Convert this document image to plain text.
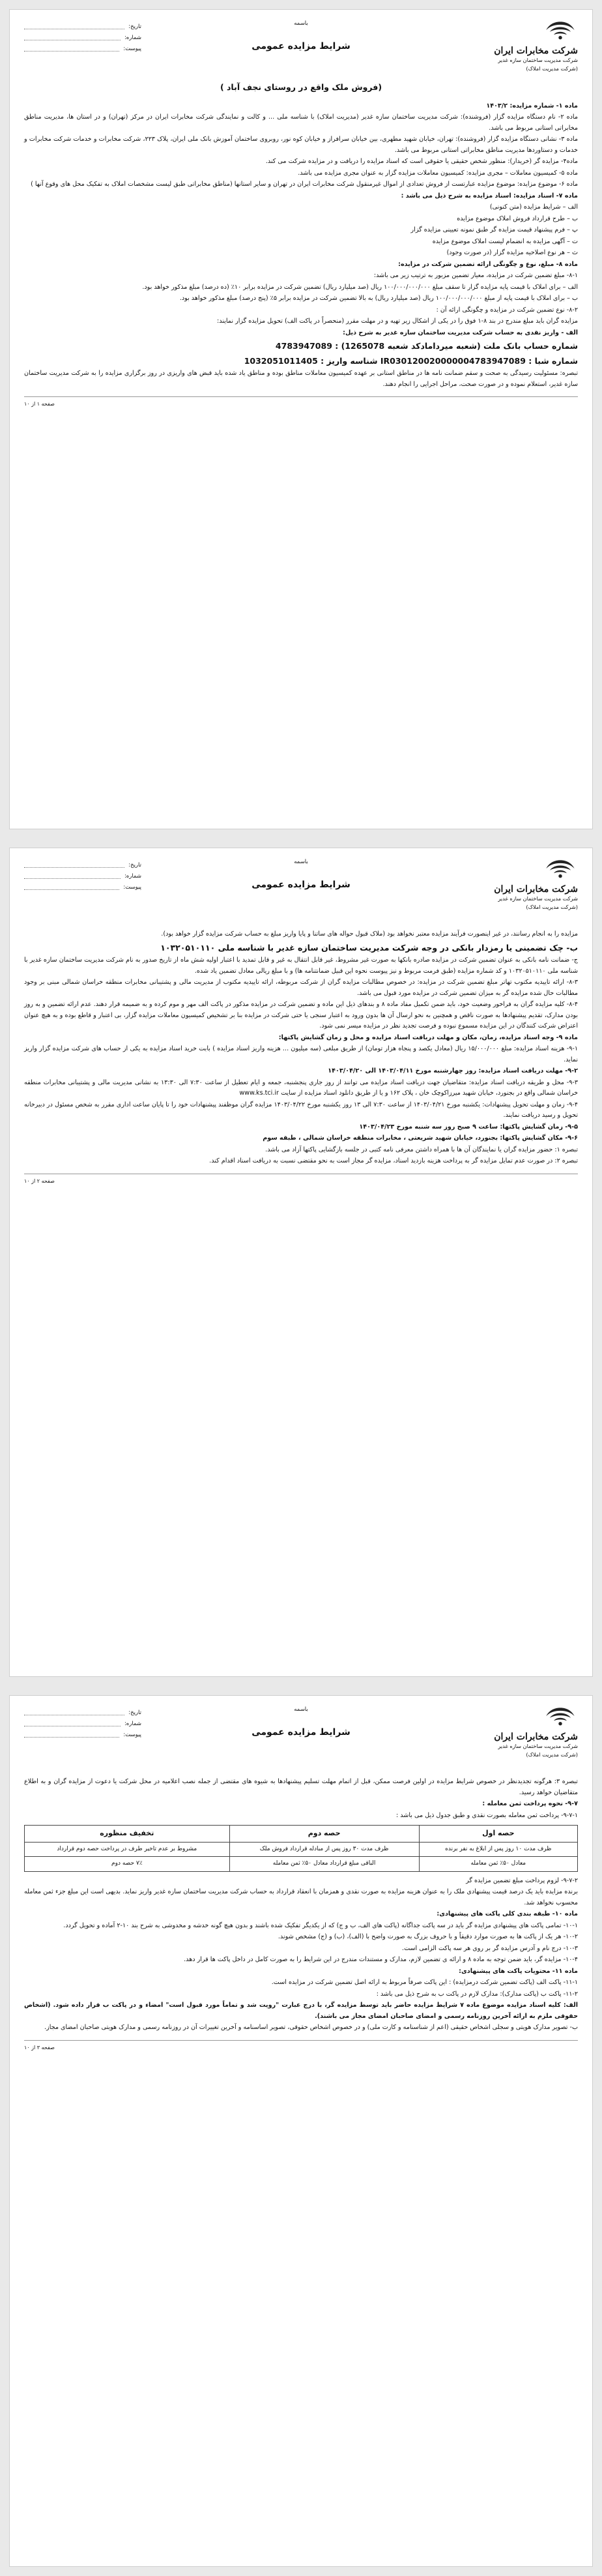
شرکت مخابرات ایران
شرکت مدیریت ساختمان سازه غدیر
(شرکت مدیریت املاک)
باسمه
شرایط مزایده عمومی
تاریخ:
شماره:
پیوست:
(فروش ملک واقع در روستای نجف آباد )

ماده ۱- شماره مزایده: ۱۴۰۳/۲

ماده ۲- نام دستگاه مزایده گزار (فروشنده): شرکت مدیریت ساختمان سازه غدیر (مدیریت املاک) با شناسه ملی ... و کالت و نمایندگی شرکت مخابرات ایران در مرکز (تهران) و در استان ها، مدیریت مناطق مخابراتی استانی مربوط می باشد.

ماده ۳- نشانی دستگاه مزایده گزار (فروشنده): تهران، خیابان شهید مطهری، بین خیابان سرافراز و خیابان کوه نور، روبروی ساختمان آموزش بانک ملی ایران، پلاک ۲۲۳، شرکت مخابرات و خدمات شرکت مخابرات و خدمات و دستاوردها مدیریت مناطق مخابراتی استانی مربوط می باشد.

ماده۴- مزایده گر (خریدار): منظور شخص حقیقی یا حقوقی است که اسناد مزایده را دریافت و در مزایده شرکت می کند.

ماده ۵- کمیسیون معاملات – مجری مزایده: کمیسیون معاملات مزایده گزار به عنوان مجری مزایده می باشد.

ماده ۶- موضوع مزایده: موضوع مزایده عبارتست از فروش تعدادی از اموال غیرمنقول شرکت مخابرات ایران در تهران و سایر استانها (مناطق مخابراتی طبق لیست مشخصات املاک به تفکیک محل های وقوع آنها )

ماده ۷- اسناد مزایده: اسناد مزایده به شرح ذیل می باشد :

الف – شرایط مزایده (متن کنونی)

ب – طرح قرارداد فروش املاک موضوع مزایده

پ – فرم پیشنهاد قیمت مزایده گر طبق نمونه تعیینی مزایده گزار

ت – آگهی مزایده به انضمام لیست املاک موضوع مزایده

ث – هر نوع اصلاحیه مزایده گزار (در صورت وجود)

ماده ۸- مبلغ، نوع و چگونگی ارائه تضمین شرکت در مزایده:

۸-۱- مبلغ تضمین شرکت در مزایده، معیار تضمین مزبور به ترتیب زیر می باشد:

الف – برای املاک با قیمت پایه مزایده گزار تا سقف مبلغ ۱۰۰/۰۰۰/۰۰۰/۰۰۰ ریال (صد میلیارد ریال) تضمین شرکت در مزایده برابر ۱۰٪ (ده درصد) مبلغ مذکور خواهد بود.

ب – برای املاک با قیمت پایه از مبلغ ۱۰۰/۰۰۰/۰۰۰/۰۰۰ ریال (صد میلیارد ریال) به بالا تضمین شرکت در مزایده برابر ۵٪ (پنج درصد) مبلغ مذکور خواهد بود.

۸-۲- نوع تضمین شرکت در مزایده و چگونگی ارائه آن :

مزایده گران باید مبلغ مندرج در بند ۸-۱ فوق را در یکی از اشکال زیر تهیه و در مهلت مقرر (منحصراً در پاکت الف) تحویل مزایده گزار نمایند:

الف - واریز نقدی به حساب شرکت مدیریت ساختمان سازه غدیر به شرح ذیل:

شماره حساب بانک ملت (شعبه میردامادکد شعبه 1265078) : 4783947089

شماره شبا : IR030120020000004783947089 شناسه واریز : 1032051011405

تبصره: مسئولیت رسیدگی به صحت و سقم ضمانت نامه ها در مناطق استانی بر عهده کمیسیون معاملات مناطق بوده و مناطق یاد شده باید قبض های واریزی در روز برگزاری مزایده را به شرکت مدیریت ساختمان سازه غدیر، استعلام نموده و در صورت صحت، مراحل اجرایی را انجام دهند.

صفحه ۱ از ۱۰
شرکت مخابرات ایران
شرکت مدیریت ساختمان سازه غدیر
(شرکت مدیریت املاک)
باسمه
شرایط مزایده عمومی
تاریخ:
شماره:
پیوست:

مزایده را به انجام رسانند، در غیر اینصورت فرآیند مزایده معتبر نخواهد بود (ملاک قبول حواله های ساتنا و پایا واریز مبلغ به حساب شرکت مزایده گزار خواهد بود).

ب- چک تضمینی یا رمزدار بانکی در وجه شرکت مدیریت ساختمان سازه غدیر با شناسه ملی ۱۰۳۲۰۵۱۰۱۱۰

ج- ضمانت نامه بانکی به عنوان تضمین شرکت در مزایده صادره بانکها به صورت غیر مشروط، غیر قابل انتقال به غیر و قابل تمدید با اعتبار اولیه شش ماه از تاریخ صدور به نام شرکت مدیریت ساختمان سازه غدیر با شناسه ملی ۱۰۳۲۰۵۱۰۱۱۰ و کد شماره مزایده (طبق فرمت مربوط و نیز پیوست نحوه این قبیل ضمانتنامه ها) و با مبلغ ریالی معادل تضمین یاد شده.

۸-۳- ارائه تاییدیه مکتوب تهاتر مبلغ تضمین شرکت در مزایده: در خصوص مطالبات مزایده گران از شرکت مربوطه، ارائه تاییدیه مکتوب از مدیریت مالی و پشتیبانی مخابرات منطقه خراسان شمالی مبنی بر وجود مطالبات حال شده مزایده گر به میزان تضمین شرکت در مزایده مورد قبول می باشد.

۸-۴- کلیه مزایده گران به فراخور وضعیت خود، باید ضمن تکمیل مفاد ماده ۸ و بندهای ذیل این ماده و تضمین شرکت در مزایده مذکور در پاکت الف مهر و موم کرده و به ضمیمه قرار دهند. عدم ارائه تضمین و به روز بودن مدارک، تقدیم پیشنهادها به صورت ناقص و همچنین به نحو ارسال آن ها بدون ورود به اعتبار سنجی یا حتی شرکت در مزایده بنا بر تشخیص کمیسیون معاملات مزایده گزار، بی اعتبار و قاطع بوده و به هیچ عنوان اعتراض شرکت کنندگان در این مزایده مسموع نبوده و فرصت تجدید نظر در مزایده میسر نمی شود.

ماده ۹- وجه اسناد مزایده، زمان، مکان و مهلت دریافت اسناد مزایده و محل و زمان گشایش پاکتها:

۹-۱- هزینه اسناد مزایده: مبلغ ۱۵/۰۰۰/۰۰۰ ریال (معادل یکصد و پنجاه هزار تومان) از طریق مبلغی (سه میلیون ... هزینه واریز اسناد مزایده ) بابت خرید اسناد مزایده به یکی از حساب های شرکت مزایده گزار واریز نماید.

۹-۲- مهلت دریافت اسناد مزایده: روز چهارشنبه مورخ ۱۴۰۳/۰۴/۱۱ الی ۱۴۰۳/۰۴/۲۰

۹-۳- محل و طریقه دریافت اسناد مزایده: متقاضیان جهت دریافت اسناد مزایده می توانند از روز جاری پنجشنبه، جمعه و ایام تعطیل از ساعت ۷:۳۰ الی ۱۳:۳۰ به نشانی مدیریت مالی و پشتیبانی مخابرات منطقه خراسان شمالی واقع در بجنورد، خیابان شهید میرزاکوچک خان ، پلاک ۱۶۲ و یا از طریق دانلود اسناد مزایده از سایت www.ks.tci.ir

۹-۴- زمان و مهلت تحویل پیشنهادات: یکشنبه مورخ ۱۴۰۳/۰۴/۲۱ از ساعت ۷:۳۰ الی ۱۳ روز یکشنبه مورخ ۱۴۰۳/۰۴/۲۲ مزایده گران موظفند پیشنهادات خود را تا پایان ساعت اداری مقرر به شخص مسئول در دبیرخانه تحویل و رسید دریافت نمایند.

۹-۵- زمان گشایش پاکتها: ساعت ۹ صبح روز سه شنبه مورخ ۱۴۰۳/۰۴/۲۳

۹-۶- مکان گشایش پاکتها: بجنورد، خیابان شهید شریعتی ، مخابرات منطقه خراسان شمالی ، طبقه سوم

تبصره ۱: حضور مزایده گران یا نمایندگان آن ها با همراه داشتن معرفی نامه کتبی در جلسه بازگشایی پاکتها آزاد می باشد.

تبصره ۲: در صورت عدم تمایل مزایده گر به پرداخت هزینه بازدید اسناد، مزایده گر مجاز است به نحو مقتضی نسبت به دریافت اسناد اقدام کند.

صفحه ۲ از ۱۰
شرکت مخابرات ایران
شرکت مدیریت ساختمان سازه غدیر
(شرکت مدیریت املاک)
باسمه
شرایط مزایده عمومی
تاریخ:
شماره:
پیوست:

تبصره ۳: هرگونه تجدیدنظر در خصوص شرایط مزایده در اولین فرصت ممکن، قبل از اتمام مهلت تسلیم پیشنهادها به شیوه های مقتضی از جمله نصب اعلامیه در محل شرکت یا دعوت از مزایده گران و به اطلاع متقاضیان خواهد رسید.

۹-۷- نحوه پرداخت ثمن معامله :

۹-۷-۱- پرداخت ثمن معامله بصورت نقدی و طبق جدول ذیل می باشد :

حصه اول	حصه دوم	تخفیف منظوره
ظرف مدت ۱۰ روز پس از ابلاغ به نفر برنده	ظرف مدت ۳۰ روز پس از مبادله قرارداد فروش ملک	مشروط بر عدم تاخیر طرف در پرداخت حصه دوم قرارداد
معادل ۵۰٪ ثمن معامله	الباقی مبلغ قرارداد معادل ۵۰٪ ثمن معامله	۷٪ حصه دوم

۹-۷-۲- لزوم پرداخت مبلغ تضمین مزایده گر

برنده مزایده باید یک درصد قیمت پیشنهادی ملک را به عنوان هزینه مزایده به صورت نقدی و همزمان با انعقاد قرارداد به حساب شرکت مدیریت ساختمان سازه غدیر واریز نماید. بدیهی است این مبلغ جزء ثمن معامله محسوب نخواهد شد.

ماده ۱۰- طبقه بندی کلی پاکت های پیشنهادی:

۱۰-۱- تمامی پاکت های پیشنهادی مزایده گر باید در سه پاکت جداگانه (پاکت های الف، ب و ج) که از یکدیگر تفکیک شده باشند و بدون هیچ گونه خدشه و مخدوشی به شرح بند ۱۰-۲ آماده و تحویل گردد.

۱۰-۲- هر یک از پاکت ها به صورت موارد دقیقاً و با حروف بزرگ به صورت واضح با (الف)، (ب) و (ج) مشخص شوند.

۱۰-۳- درج نام و آدرس مزایده گر بر روی هر سه پاکت الزامی است.

۱۰-۴- مزایده گر، باید ضمن توجه به ماده ۸ و ارائه ی تضمین لازم، مدارک و مستندات مندرج در این شرایط را به صورت کامل در داخل پاکت ها قرار دهد.

ماده ۱۱- محتویات پاکت های پیشنهادی:

۱۱-۱- پاکت الف (پاکت تضمین شرکت درمزایده) : این پاکت صرفاً مربوط به ارائه اصل تضمین شرکت در مزایده است.

۱۱-۲- پاکت ب (پاکت مدارک): مدارک لازم در پاکت ب به شرح ذیل می باشد :

الف: کلیه اسناد مزایده موضوع ماده ۷ شرایط مزایده حاضر باید توسط مزایده گر، با درج عبارت "رویت شد و تماماً مورد قبول است" امضاء و در پاکت ب قرار داده شود. (اشخاص حقوقی ملزم به ارائه آخرین روزنامه رسمی و امضای صاحبان امضای مجاز می باشند).

ب- تصویر مدارک هویتی و سجلی اشخاص حقیقی (اعم از شناسنامه و کارت ملی) و در خصوص اشخاص حقوقی، تصویر اساسنامه و آخرین تغییرات آن در روزنامه رسمی و مدارک هویتی صاحبان امضای مجاز.

صفحه ۳ از ۱۰
